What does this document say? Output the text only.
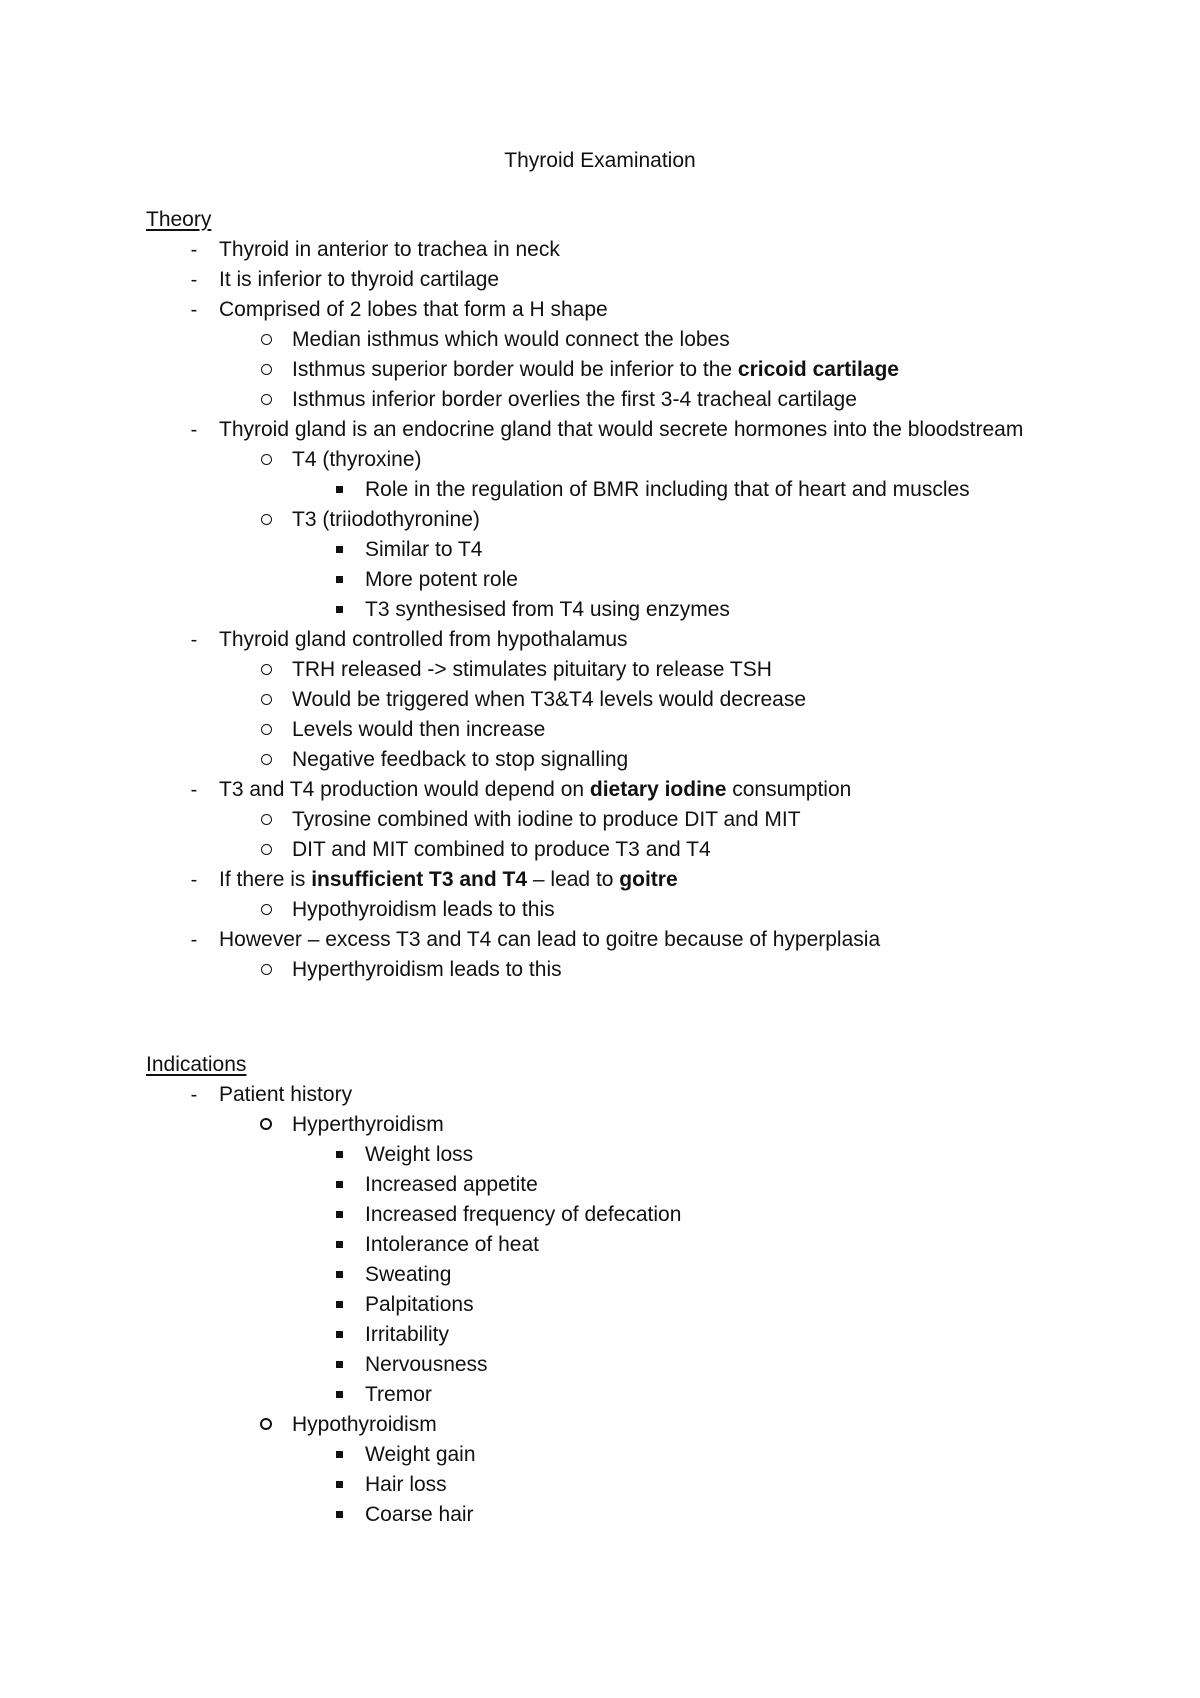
Thyroid Examination
Theory
-	Thyroid in anterior to trachea in neck
-	It is inferior to thyroid cartilage
-	Comprised of 2 lobes that form a H shape
Median isthmus which would connect the lobes
Isthmus superior border would be inferior to the cricoid cartilage
Isthmus inferior border overlies the first 3-4 tracheal cartilage
-	Thyroid gland is an endocrine gland that would secrete hormones into the bloodstream
T4 (thyroxine)
Role in the regulation of BMR including that of heart and muscles
T3 (triiodothyronine)
Similar to T4
More potent role
T3 synthesised from T4 using enzymes
-	Thyroid gland controlled from hypothalamus
TRH released -> stimulates pituitary to release TSH
Would be triggered when T3&T4 levels would decrease
Levels would then increase
Negative feedback to stop signalling
-	T3 and T4 production would depend on dietary iodine consumption
Tyrosine combined with iodine to produce DIT and MIT
DIT and MIT combined to produce T3 and T4
-	If there is insufficient T3 and T4 – lead to goitre
Hypothyroidism leads to this
-	However – excess T3 and T4 can lead to goitre because of hyperplasia
Hyperthyroidism leads to this
Indications
-	Patient history
Hyperthyroidism
Weight loss
Increased appetite
Increased frequency of defecation
Intolerance of heat
Sweating
Palpitations
Irritability
Nervousness
Tremor
Hypothyroidism
Weight gain
Hair loss
Coarse hair
